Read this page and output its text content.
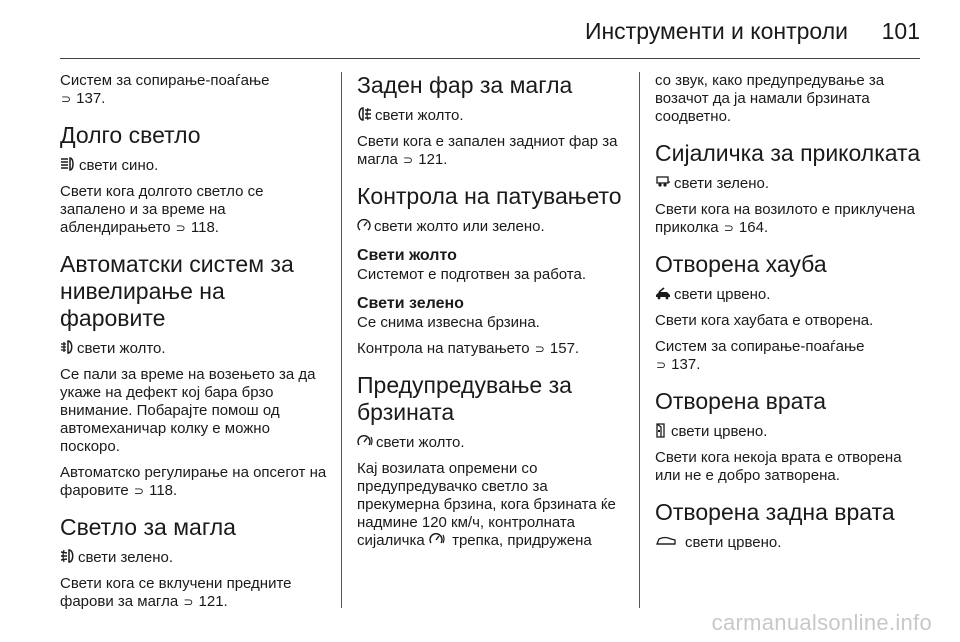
Инструменти и контроли 101

Систем за сопирање-поаѓање
⊃ 137.

Долго светло

свети сино.

Свети кога долгото светло се запалено и за време на аблендирањето ⊃ 118.

Автоматски систем за нивелирање на фаровите

свети жолто.

Се пали за време на возењето за да укаже на дефект кој бара брзо внимание. Побарајте помош од автомеханичар колку е можно поскоро.

Автоматско регулирање на опсегот на фаровите ⊃ 118.

Светло за магла

свети зелено.

Свети кога се вклучени предните фарови за магла ⊃ 121.

Заден фар за магла

свети жолто.

Свети кога е запален задниот фар за магла ⊃ 121.

Контрола на патувањето

свети жолто или зелено.

Свети жолто

Системот е подготвен за работа.

Свети зелено

Се снима извесна брзина.

Контрола на патувањето ⊃ 157.

Предупредување за брзината

свети жолто.

Кај возилата опремени со предупредувачко светло за прекумерна брзина, кога брзината ќе надмине 120 км/ч, контролната сијаличка трепка, придружена

со звук, како предупредување за возачот да ја намали брзината соодветно.

Сијаличка за приколката

свети зелено.

Свети кога на возилото е приклучена приколка ⊃ 164.

Отворена хауба

свети црвено.

Свети кога хаубата е отворена.

Систем за сопирање-поаѓање
⊃ 137.

Отворена врата

свети црвено.

Свети кога некоја врата е отворена или не е добро затворена.

Отворена задна врата

свети црвено.

carmanualsonline.info
